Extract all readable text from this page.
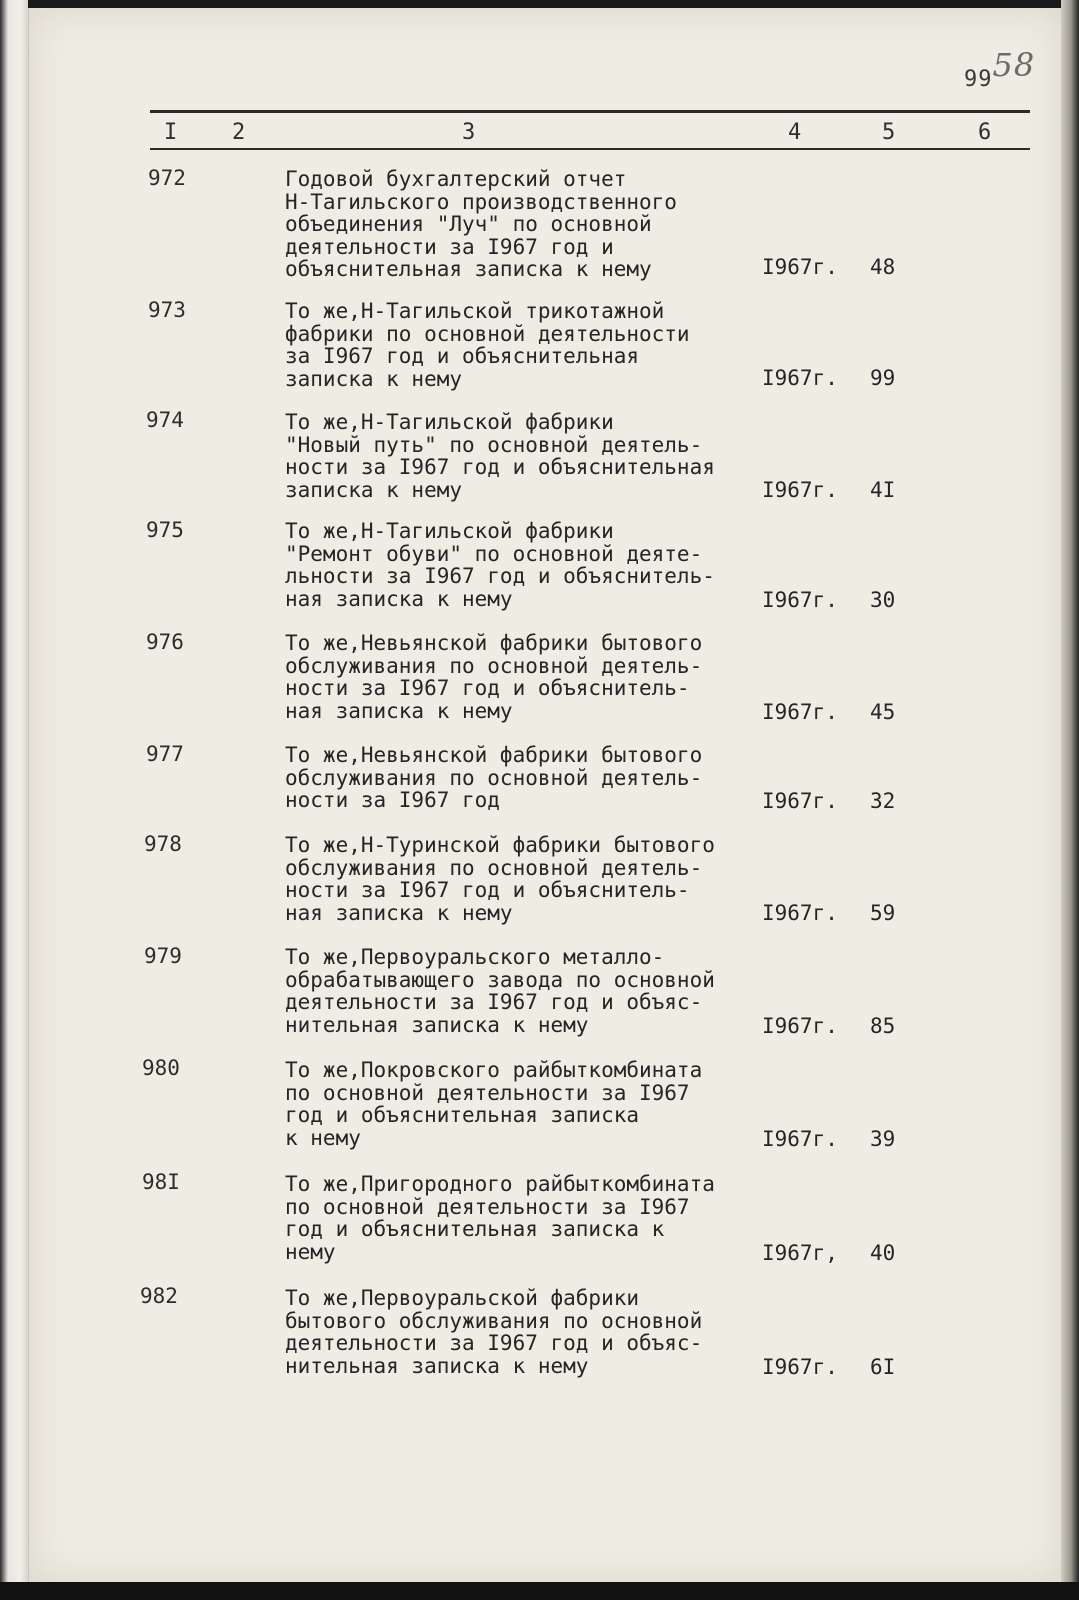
9958
I 2	3	4	5	6
972	Годовой бухгалтерский отчет
Н-Тагильского производственного
объединения "Луч" по основной
деятельности за I967 год и
объяснительная записка к нему	I967г. 48
973	То же,Н-Тагильской трикотажной
фабрики по основной деятельности
за I967 год и объяснительная
записка к нему	I967г. 99
974	То же,Н-Тагильской фабрики
"Новый путь" по основной деятель-
ности за I967 год и объяснительная
записка к нему	I967г. 4I
975	То же,Н-Тагильской фабрики
"Ремонт обуви" по основной деяте-
льности за I967 год и объяснитель-
ная записка к нему	I967г. 30
976	То же,Невьянской фабрики бытового
обслуживания по основной деятель-
ности за I967 год и объяснитель-
ная записка к нему	I967г. 45
977	То же,Невьянской фабрики бытового
обслуживания по основной деятель-
ности за I967 год	I967г. 32
978	То же,Н-Туринской фабрики бытового
обслуживания по основной деятель-
ности за I967 год и объяснитель-
ная записка к нему	I967г. 59
979	То же,Первоуральского металло-
обрабатывающего завода по основной
деятельности за I967 год и объяс-
нительная записка к нему	I967г. 85
980	То же,Покровского райбыткомбината
по основной деятельности за I967
год и объяснительная записка
к нему	I967г. 39
98I	То же,Пригородного райбыткомбината
по основной деятельности за I967
год и объяснительная записка к
нему	I967г, 40
982	То же,Первоуральской фабрики
бытового обслуживания по основной
деятельности за I967 год и объяс-
нительная записка к нему	I967г. 6I
